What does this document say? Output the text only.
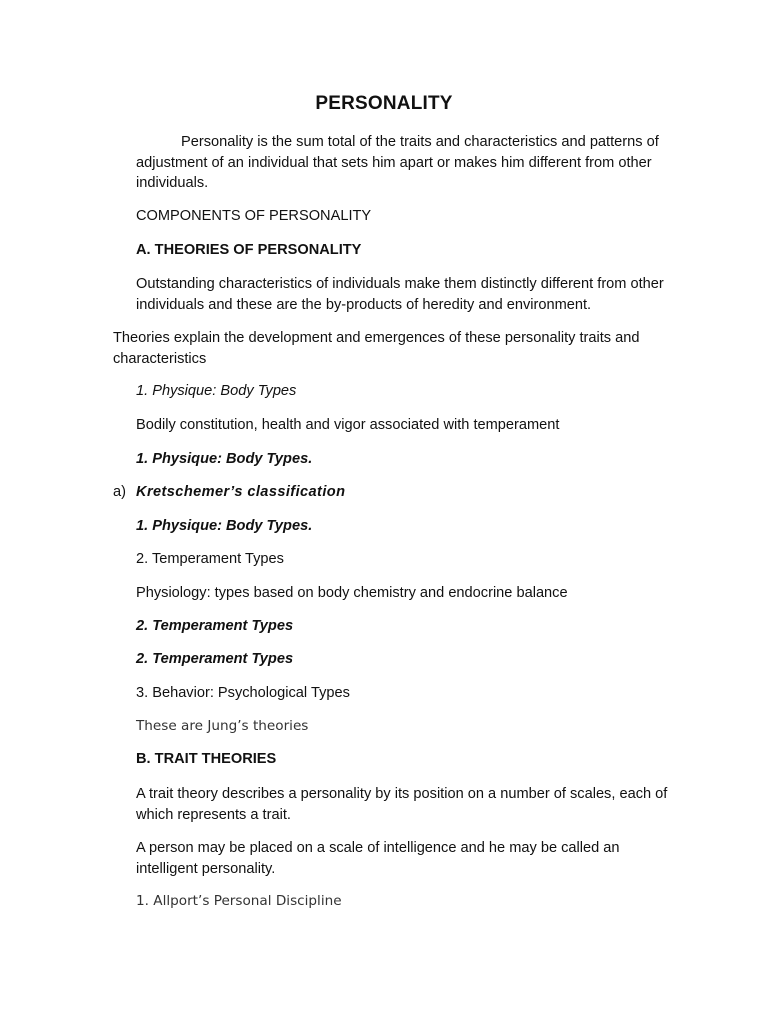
PERSONALITY

Personality is the sum total of the traits and characteristics and patterns of adjustment of an individual that sets him apart or makes him different from other individuals.

COMPONENTS OF PERSONALITY

A. THEORIES OF PERSONALITY

Outstanding characteristics of individuals make them distinctly different from other individuals and these are the by-products of heredity and environment.

Theories explain the development and emergences of these personality traits and characteristics

1. Physique: Body Types

Bodily constitution, health and vigor associated with temperament

1. Physique: Body Types.

a) Kretschemer’s classification

1. Physique: Body Types.

2. Temperament Types

Physiology: types based on body chemistry and endocrine balance

2. Temperament Types

2. Temperament Types

3. Behavior: Psychological Types

These are Jung’s theories

B. TRAIT THEORIES

A trait theory describes a personality by its position on a number of scales, each of which represents a trait.

A person may be placed on a scale of intelligence and he may be called an intelligent personality.

1. Allport’s Personal Discipline
